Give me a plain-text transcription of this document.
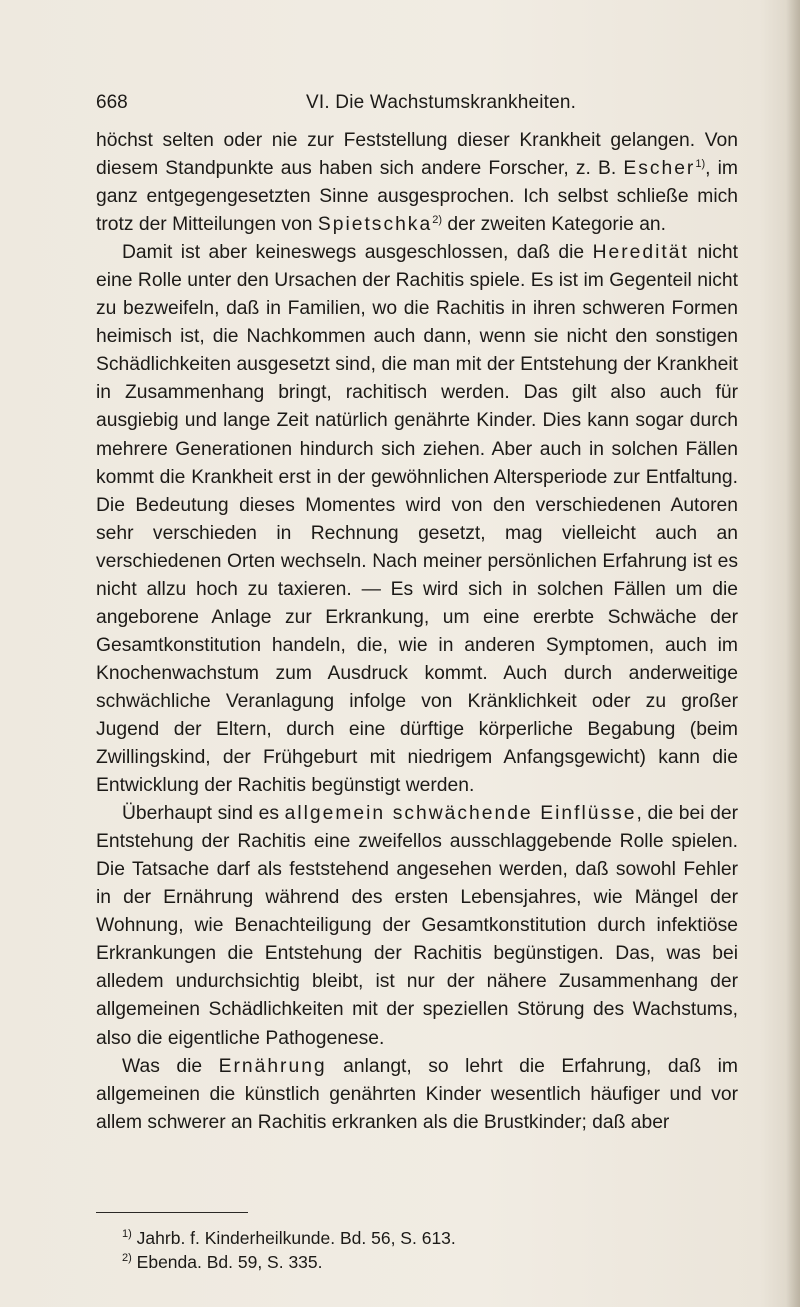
668	VI. Die Wachstumskrankheiten.

höchst selten oder nie zur Feststellung dieser Krankheit gelangen. Von diesem Standpunkte aus haben sich andere Forscher, z. B. Escher$^{1)}$, im ganz entgegengesetzten Sinne ausgesprochen. Ich selbst schließe mich trotz der Mitteilungen von Spietschka$^{2)}$ der zweiten Kategorie an.

Damit ist aber keineswegs ausgeschlossen, daß die Heredität nicht eine Rolle unter den Ursachen der Rachitis spiele. Es ist im Gegenteil nicht zu bezweifeln, daß in Familien, wo die Rachitis in ihren schweren Formen heimisch ist, die Nachkommen auch dann, wenn sie nicht den sonstigen Schädlichkeiten ausgesetzt sind, die man mit der Entstehung der Krankheit in Zusammenhang bringt, rachitisch werden. Das gilt also auch für ausgiebig und lange Zeit natürlich genährte Kinder. Dies kann sogar durch mehrere Generationen hindurch sich ziehen. Aber auch in solchen Fällen kommt die Krankheit erst in der gewöhnlichen Altersperiode zur Entfaltung. Die Bedeutung dieses Momentes wird von den verschiedenen Autoren sehr verschieden in Rechnung gesetzt, mag vielleicht auch an verschiedenen Orten wechseln. Nach meiner persönlichen Erfahrung ist es nicht allzu hoch zu taxieren. — Es wird sich in solchen Fällen um die angeborene Anlage zur Erkrankung, um eine ererbte Schwäche der Gesamtkonstitution handeln, die, wie in anderen Symptomen, auch im Knochenwachstum zum Ausdruck kommt. Auch durch anderweitige schwächliche Veranlagung infolge von Kränklichkeit oder zu großer Jugend der Eltern, durch eine dürftige körperliche Begabung (beim Zwillingskind, der Frühgeburt mit niedrigem Anfangsgewicht) kann die Entwicklung der Rachitis begünstigt werden.

Überhaupt sind es allgemein schwächende Einflüsse, die bei der Entstehung der Rachitis eine zweifellos ausschlaggebende Rolle spielen. Die Tatsache darf als feststehend angesehen werden, daß sowohl Fehler in der Ernährung während des ersten Lebensjahres, wie Mängel der Wohnung, wie Benachteiligung der Gesamtkonstitution durch infektiöse Erkrankungen die Entstehung der Rachitis begünstigen. Das, was bei alledem undurchsichtig bleibt, ist nur der nähere Zusammenhang der allgemeinen Schädlichkeiten mit der speziellen Störung des Wachstums, also die eigentliche Pathogenese.

Was die Ernährung anlangt, so lehrt die Erfahrung, daß im allgemeinen die künstlich genährten Kinder wesentlich häufiger und vor allem schwerer an Rachitis erkranken als die Brustkinder; daß aber

$^{1)}$ Jahrb. f. Kinderheilkunde. Bd. 56, S. 613.
$^{2)}$ Ebenda. Bd. 59, S. 335.
